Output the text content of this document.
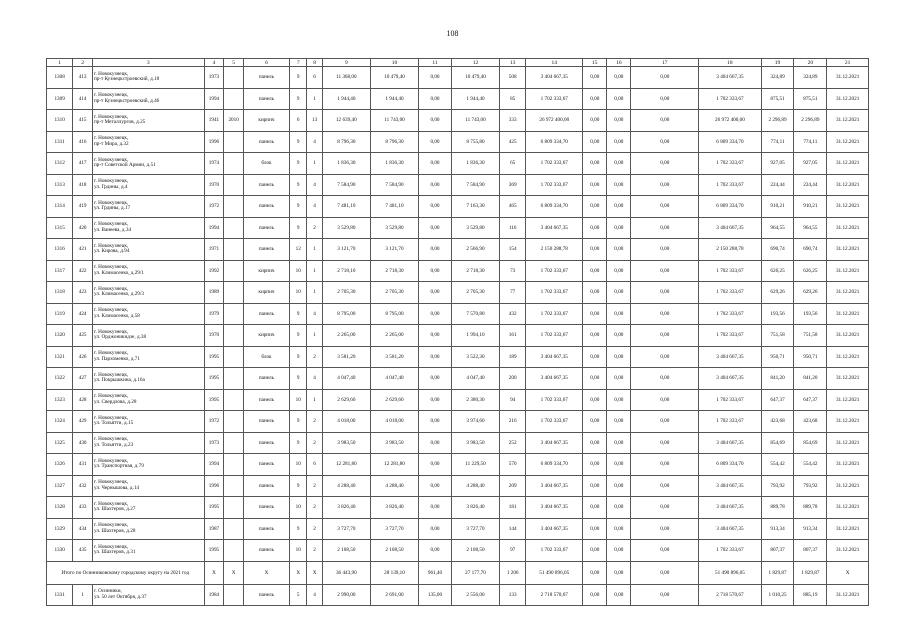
108
1	2	3	4	5	6	7	8	9	10	11	12	13	14	15	16	17	18	19	20	21
1308	413	г. Новокузнецк,
пр-т Кузнецкстроевский, д.18	1973		панель	9	6	11 368,00	10 479,40	0,00	10 479,40	508	3 404 667,35	0,00	0,00	0,00	3 404 667,35	324,89	324,89	31.12.2021
1309	414	г. Новокузнецк,
пр-т Кузнецкстроевский, д.46	1994		панель	9	1	1 944,40	1 944,40	0,00	1 944,40	85	1 702 333,67	0,00	0,00	0,00	1 702 333,67	875,51	875,51	31.12.2021
1310	415	г. Новокузнецк,
пр-т Металлургов, д.25	1941	2010	кирпич	6	13	12 639,40	11 743,00	0,00	11 743,00	333	26 972 400,00	0,00	0,00	0,00	26 972 400,00	2 296,89	2 296,89	31.12.2021
1311	416	г. Новокузнецк,
пр-т Мира, д.32	1996		панель	9	4	8 796,30	8 796,30	0,00	8 755,80	425	6 809 334,70	0,00	0,00	0,00	6 809 334,70	774,11	774,11	31.12.2021
1312	417	г. Новокузнецк,
пр-т Советской Армии, д.51	1974		блок	9	1	1 836,30	1 836,30	0,00	1 836,30	65	1 702 333,67	0,00	0,00	0,00	1 702 333,67	927,05	927,05	31.12.2021
1313	418	г. Новокузнецк,
ул. Грдины, д.4	1970		панель	9	4	7 584,90	7 584,90	0,00	7 584,90	369	1 702 333,67	0,00	0,00	0,00	1 702 333,67	224,44	224,44	31.12.2021
1314	419	г. Новокузнецк,
ул. Грдины, д.17	1972		панель	9	4	7 481,10	7 481,10	0,00	7 163,30	465	6 809 334,70	0,00	0,00	0,00	6 809 334,70	910,21	910,21	31.12.2021
1315	420	г. Новокузнецк,
ул. Ванеева, д.34	1994		панель	9	2	3 529,80	3 529,80	0,00	3 529,80	116	3 404 667,35	0,00	0,00	0,00	3 404 667,35	964,55	964,55	31.12.2021
1316	421	г. Новокузнецк,
ул. Кирова, д.94	1971		панель	12	1	3 121,70	3 121,70	0,00	2 566,90	154	2 150 288,78	0,00	0,00	0,00	2 150 288,78	690,74	690,74	31.12.2021
1317	422	г. Новокузнецк,
ул. Климасенко, д.29/1	1992		кирпич	10	1	2 718,10	2 718,30	0,00	2 718,30	73	1 702 333,67	0,00	0,00	0,00	1 702 333,67	626,25	626,25	31.12.2021
1318	423	г. Новокузнецк,
ул. Климасенко, д.29/3	1989		кирпич	10	1	2 705,30	2 705,30	0,00	2 705,30	77	1 702 333,67	0,00	0,00	0,00	1 702 333,67	629,26	629,26	31.12.2021
1319	424	г. Новокузнецк,
ул. Климасенко, д.58	1979		панель	9	4	8 795,00	8 795,00	0,00	7 570,80	432	1 702 333,67	0,00	0,00	0,00	1 702 333,67	193,56	193,56	31.12.2021
1320	425	г. Новокузнецк,
ул. Орджоникидзе, д.38	1970		кирпич	9	1	2 265,00	2 265,00	0,00	1 994,10	161	1 702 333,67	0,00	0,00	0,00	1 702 333,67	751,58	751,58	31.12.2021
1321	426	г. Новокузнецк,
ул. Пархоменко, д.71	1995		блок	9	2	3 581,20	3 581,20	0,00	3 522,30	189	3 404 667,35	0,00	0,00	0,00	3 404 667,35	950,71	950,71	31.12.2021
1322	427	г. Новокузнецк,
ул. Покрышкина, д.16а	1995		панель	9	4	4 047,40	4 047,40	0,00	4 047,40	200	3 404 667,35	0,00	0,00	0,00	3 404 667,35	841,20	841,20	31.12.2021
1323	428	г. Новокузнецк,
ул. Свердлова, д.28	1995		панель	10	1	2 629,60	2 629,60	0,00	2 380,30	94	1 702 333,67	0,00	0,00	0,00	1 702 333,67	647,37	647,37	31.12.2021
1324	429	г. Новокузнецк,
ул. Тольятти, д.15	1972		панель	9	2	4 018,00	4 018,00	0,00	3 974,60	216	1 702 333,67	0,00	0,00	0,00	1 702 333,67	423,68	423,68	31.12.2021
1325	430	г. Новокузнецк,
ул. Тольятти, д.23	1973		панель	9	2	3 983,50	3 983,50	0,00	3 983,50	252	3 404 667,35	0,00	0,00	0,00	3 404 667,35	854,69	854,69	31.12.2021
1326	431	г. Новокузнецк,
ул. Транспортная, д.79	1994		панель	10	6	12 281,80	12 281,80	0,00	11 229,50	570	6 809 334,70	0,00	0,00	0,00	6 809 334,70	554,42	554,42	31.12.2021
1327	432	г. Новокузнецк,
ул. Чернышова, д.14	1996		панель	9	2	4 288,40	4 288,40	0,00	4 288,40	209	3 404 667,35	0,00	0,00	0,00	3 404 667,35	793,92	793,92	31.12.2021
1328	433	г. Новокузнецк,
ул. Шахтеров, д.27	1995		панель	10	2	3 826,40	3 826,40	0,00	3 826,40	181	3 404 667,35	0,00	0,00	0,00	3 404 667,35	889,78	889,78	31.12.2021
1329	434	г. Новокузнецк,
ул. Шахтеров, д.28	1987		панель	9	2	3 727,70	3 727,70	0,00	3 727,70	144	3 404 667,35	0,00	0,00	0,00	3 404 667,35	913,34	913,34	31.12.2021
1330	435	г. Новокузнецк,
ул. Шахтеров, д.31	1995		панель	10	2	2 108,50	2 108,50	0,00	2 108,50	97	1 702 333,67	0,00	0,00	0,00	1 702 333,67	807,37	807,37	31.12.2021
Итого по Осинниковскому городскому округу на 2021 год			X	X	X	X	X	36 443,90	28 139,10	961,40	27 177,70	1 206	51 490 896,05	0,00	0,00	0,00	51 490 896,05	1 829,87	1 829,87	X
1331	1	г. Осинники,
ул. 50 лет Октября, д.37	1984		панель	5	4	2 990,00	2 691,00	135,00	2 556,00	133	2 718 570,67	0,00	0,00	0,00	2 718 570,67	1 010,25	885,19	31.12.2021
